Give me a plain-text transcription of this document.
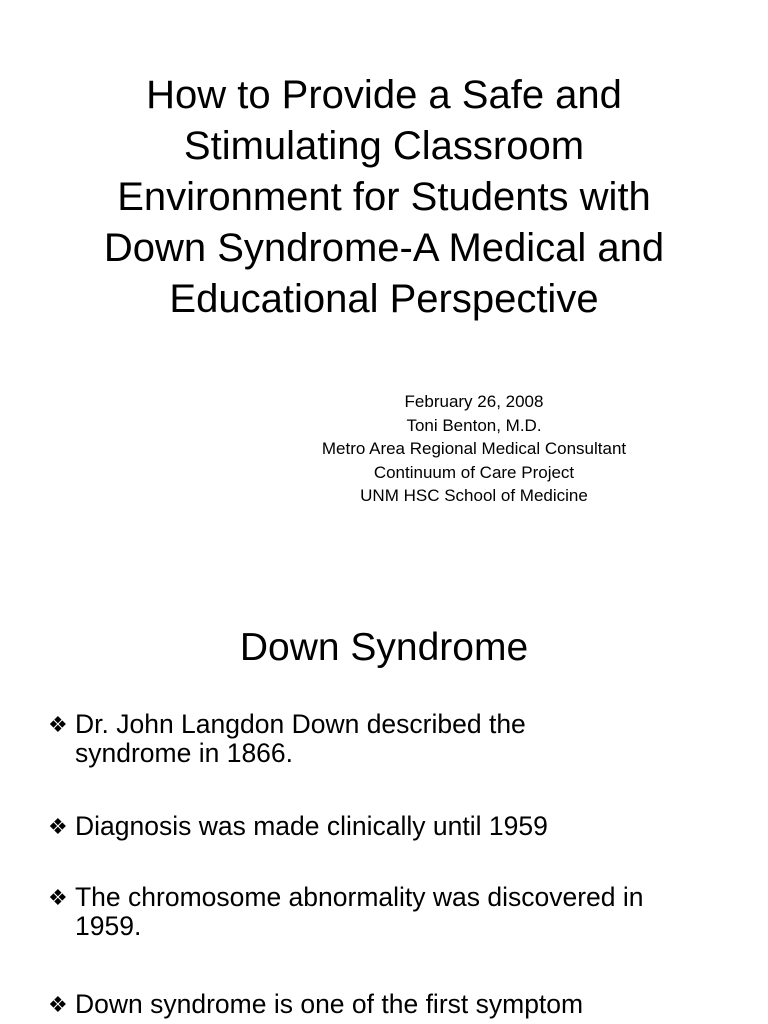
How to Provide a Safe and
Stimulating Classroom
Environment for Students with
Down Syndrome-A Medical and
Educational Perspective
February 26, 2008
Toni Benton, M.D.
Metro Area Regional Medical Consultant
Continuum of Care Project
UNM HSC School of Medicine
Down Syndrome
❖ Dr. John Langdon Down described the
syndrome in 1866.
❖ Diagnosis was made clinically until 1959
❖ The chromosome abnormality was discovered in
1959.
❖ Down syndrome is one of the first symptom
